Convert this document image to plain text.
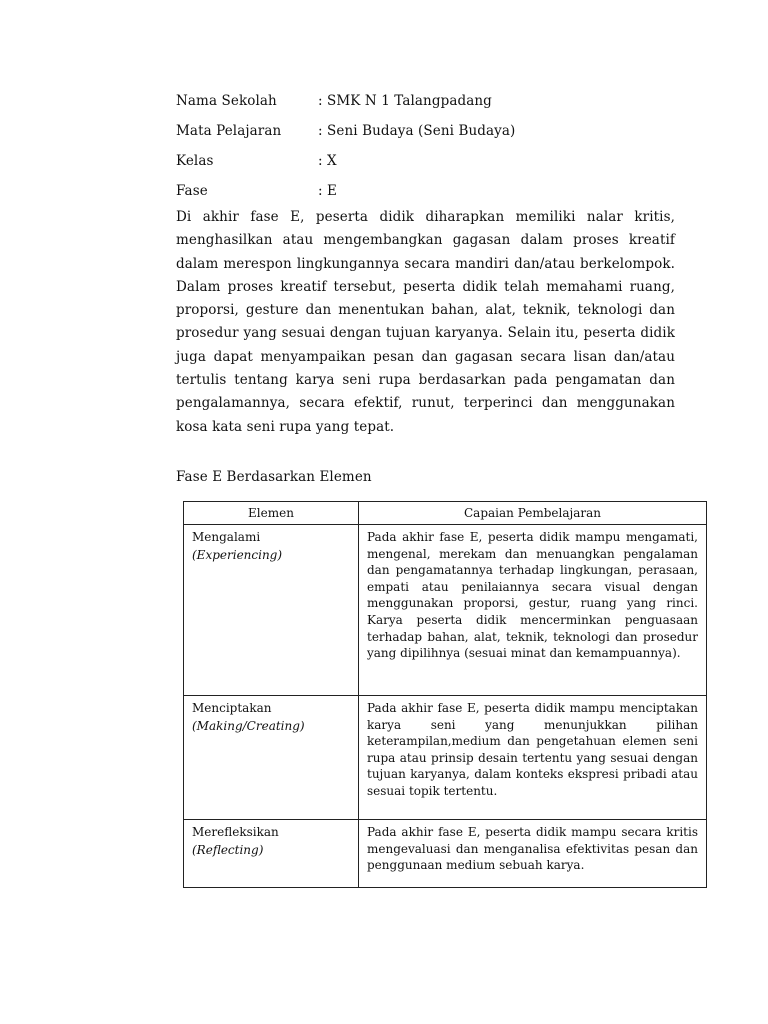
Nama Sekolah	: SMK N 1 Talangpadang
Mata Pelajaran	: Seni Budaya (Seni Budaya)
Kelas	: X
Fase	: E

Di akhir fase E, peserta didik diharapkan memiliki nalar kritis, menghasilkan atau mengembangkan gagasan dalam proses kreatif dalam merespon lingkungannya secara mandiri dan/atau berkelompok. Dalam proses kreatif tersebut, peserta didik telah memahami ruang, proporsi, gesture dan menentukan bahan, alat, teknik, teknologi dan prosedur yang sesuai dengan tujuan karyanya. Selain itu, peserta didik juga dapat menyampaikan pesan dan gagasan secara lisan dan/atau tertulis tentang karya seni rupa berdasarkan pada pengamatan dan pengalamannya, secara efektif, runut, terperinci dan menggunakan kosa kata seni rupa yang tepat.

Fase E Berdasarkan Elemen

Elemen	Capaian Pembelajaran

Mengalami
(Experiencing)	Pada akhir fase E, peserta didik mampu mengamati, mengenal, merekam dan menuangkan pengalaman dan pengamatannya terhadap lingkungan, perasaan, empati atau penilaiannya secara visual dengan menggunakan proporsi, gestur, ruang yang rinci. Karya peserta didik mencerminkan penguasaan terhadap bahan, alat, teknik, teknologi dan prosedur yang dipilihnya (sesuai minat dan kemampuannya).

Menciptakan
(Making/Creating)	Pada akhir fase E, peserta didik mampu menciptakan karya seni yang menunjukkan pilihan keterampilan,medium dan pengetahuan elemen seni rupa atau prinsip desain tertentu yang sesuai dengan tujuan karyanya, dalam konteks ekspresi pribadi atau sesuai topik tertentu.

Merefleksikan
(Reflecting)	Pada akhir fase E, peserta didik mampu secara kritis mengevaluasi dan menganalisa efektivitas pesan dan penggunaan medium sebuah karya.
